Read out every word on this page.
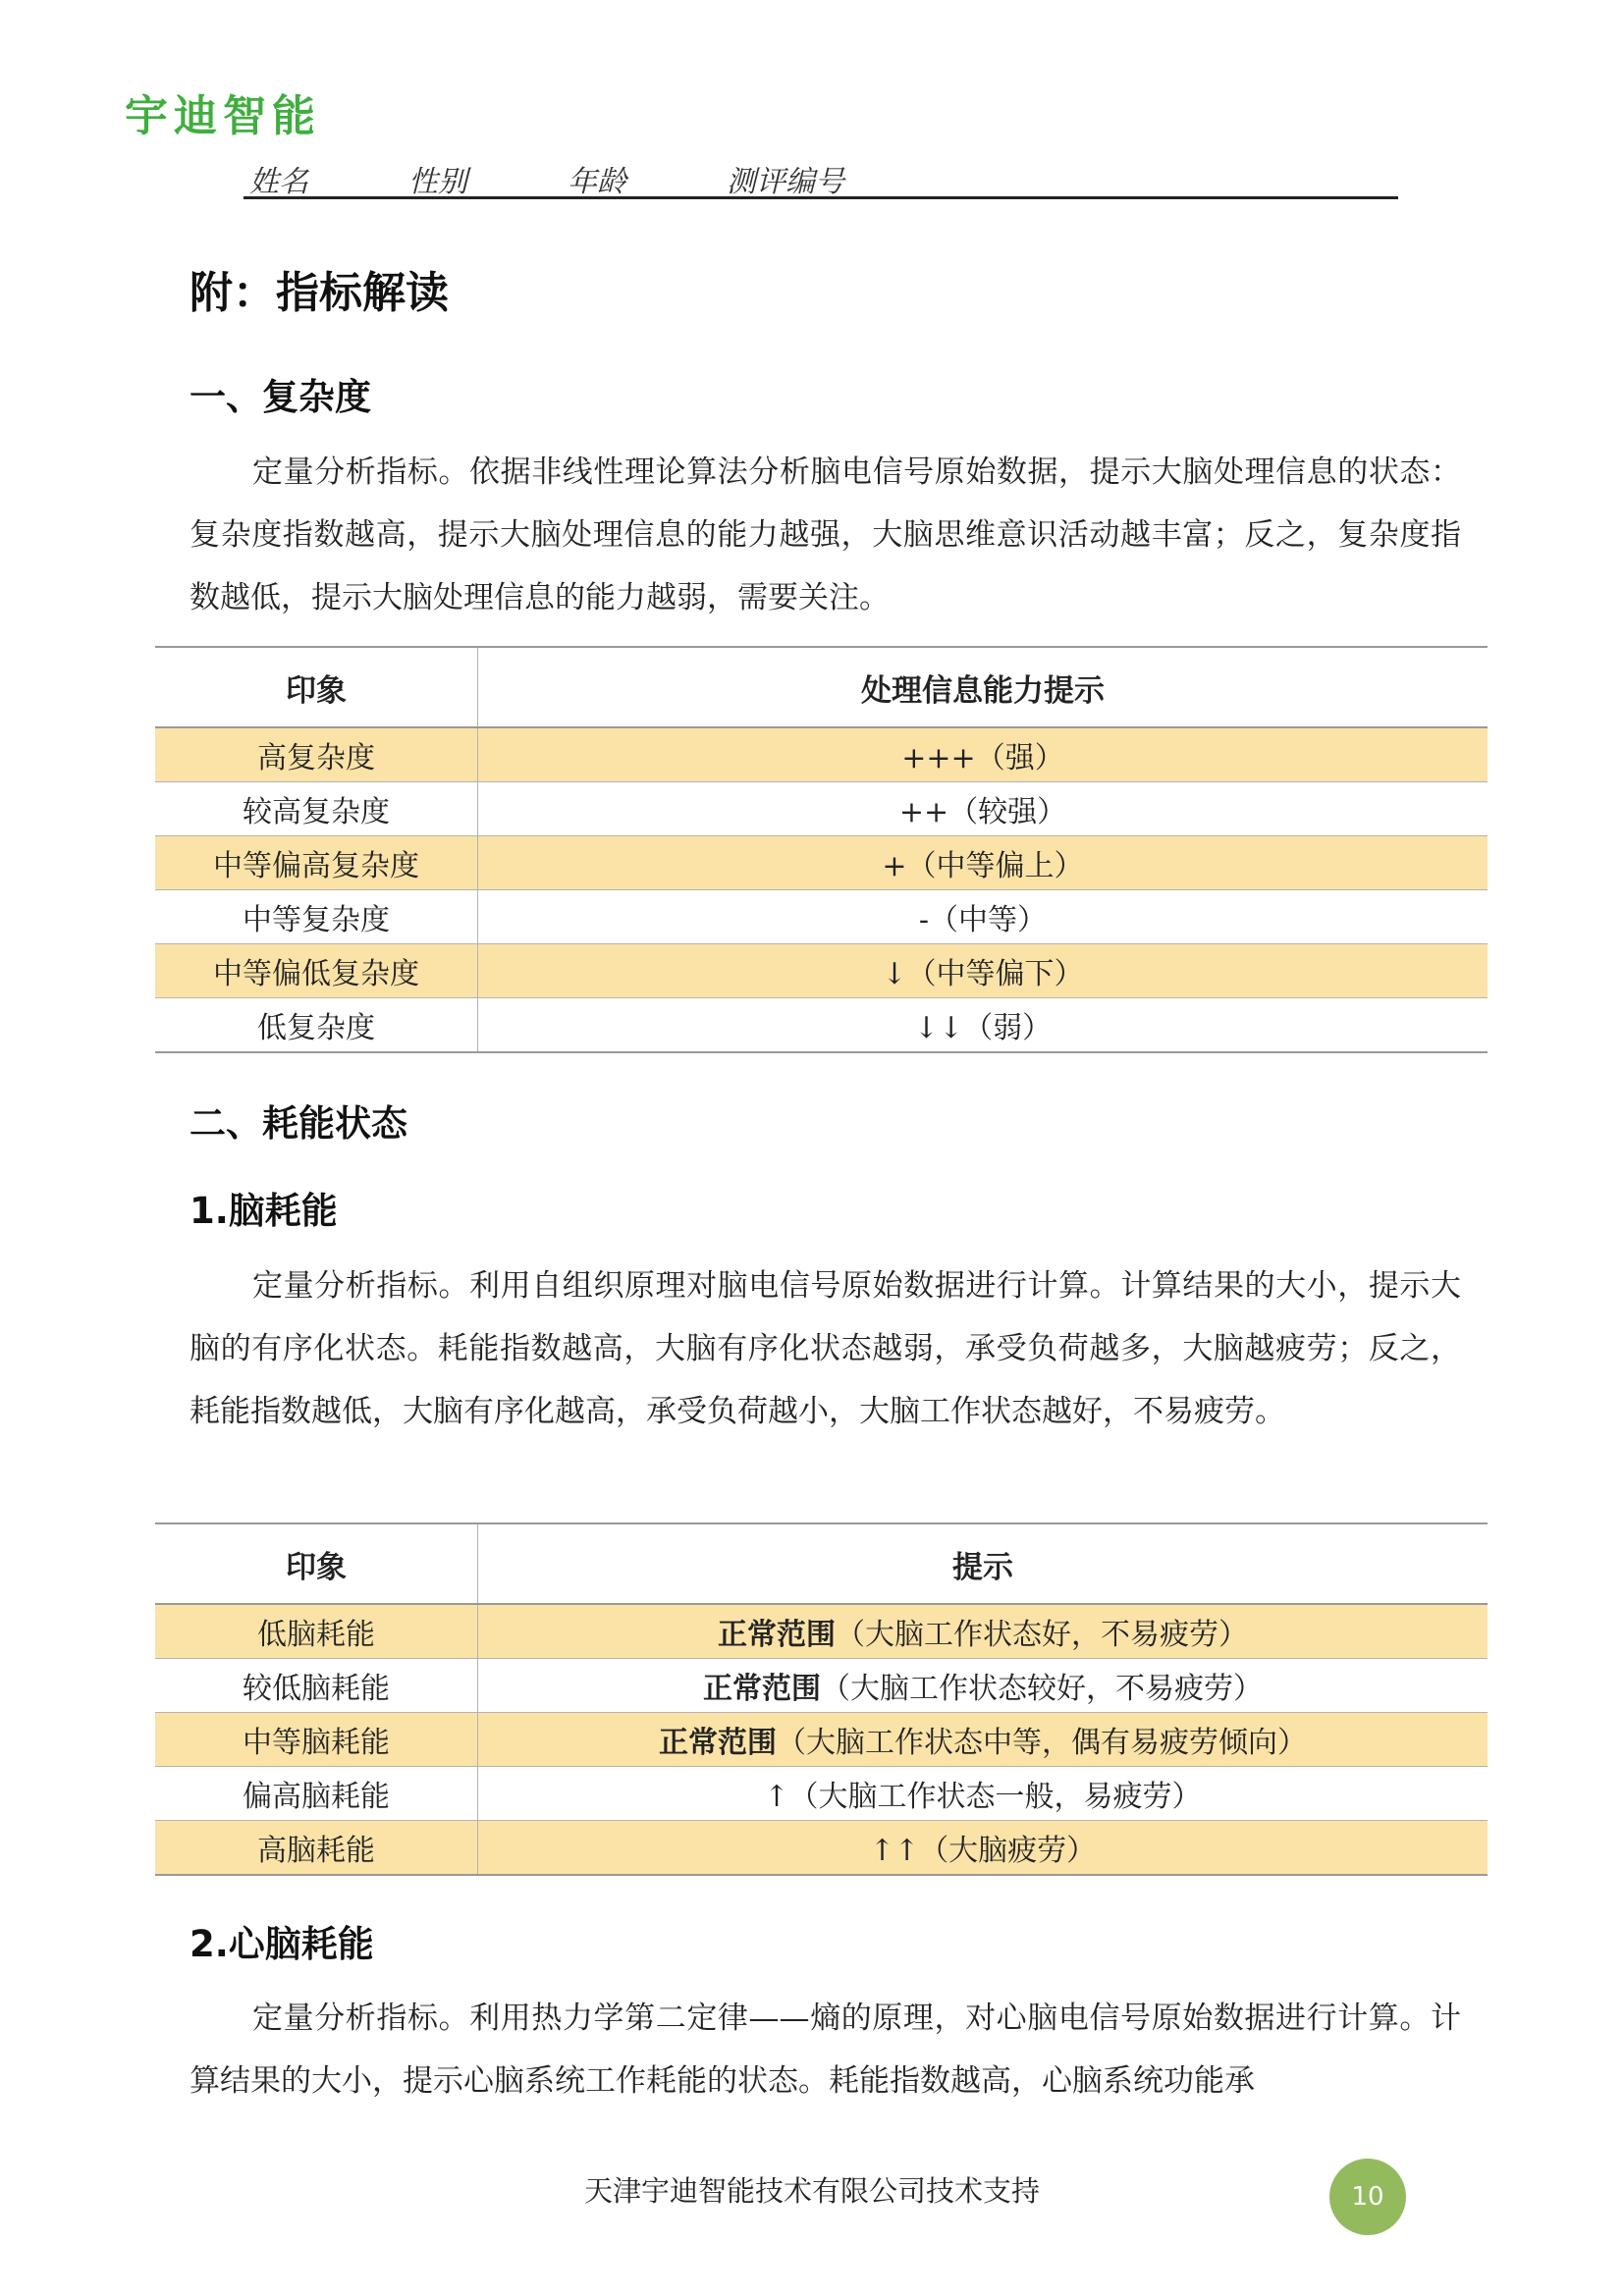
宇迪智能
姓名	性别	年龄	测评编号
附：指标解读
一、复杂度

定量分析指标。依据非线性理论算法分析脑电信号原始数据，提示大脑处理信息的状态：复杂度指数越高，提示大脑处理信息的能力越强，大脑思维意识活动越丰富；反之，复杂度指数越低，提示大脑处理信息的能力越弱，需要关注。

印象	处理信息能力提示
高复杂度	+++（强）
较高复杂度	++（较强）
中等偏高复杂度	+（中等偏上）
中等复杂度	-（中等）
中等偏低复杂度	↓（中等偏下）
低复杂度	↓↓（弱）
二、耗能状态
1.脑耗能

定量分析指标。利用自组织原理对脑电信号原始数据进行计算。计算结果的大小，提示大脑的有序化状态。耗能指数越高，大脑有序化状态越弱，承受负荷越多，大脑越疲劳；反之，耗能指数越低，大脑有序化越高，承受负荷越小，大脑工作状态越好，不易疲劳。

印象	提示
低脑耗能	正常范围（大脑工作状态好，不易疲劳）
较低脑耗能	正常范围（大脑工作状态较好，不易疲劳）
中等脑耗能	正常范围（大脑工作状态中等，偶有易疲劳倾向）
偏高脑耗能	↑（大脑工作状态一般，易疲劳）
高脑耗能	↑↑（大脑疲劳）
2.心脑耗能

定量分析指标。利用热力学第二定律——熵的原理，对心脑电信号原始数据进行计算。计算结果的大小，提示心脑系统工作耗能的状态。耗能指数越高，心脑系统功能承

天津宇迪智能技术有限公司技术支持	10
